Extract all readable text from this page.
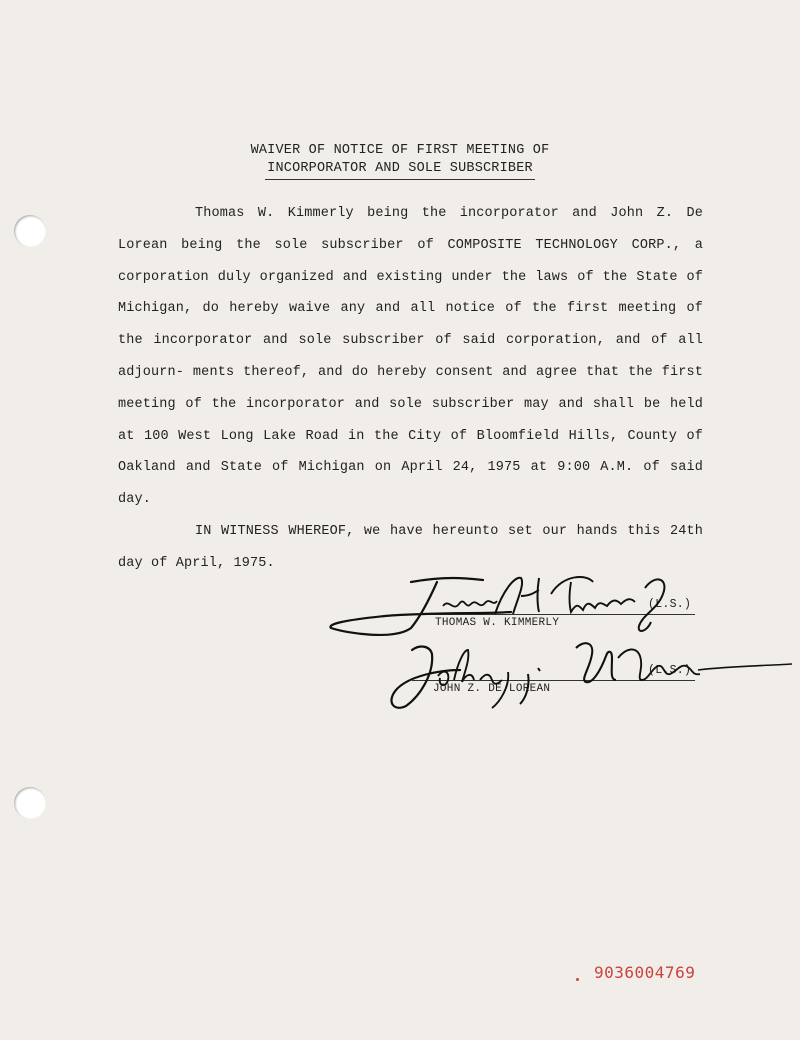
WAIVER OF NOTICE OF FIRST MEETING OF
INCORPORATOR AND SOLE SUBSCRIBER

Thomas W. Kimmerly being the incorporator and John Z. De Lorean being the sole subscriber of COMPOSITE TECHNOLOGY CORP., a corporation duly organized and existing under the laws of the State of Michigan, do hereby waive any and all notice of the first meeting of the incorporator and sole subscriber of said corporation, and of all adjourn- ments thereof, and do hereby consent and agree that the first meeting of the incorporator and sole subscriber may and shall be held at 100 West Long Lake Road in the City of Bloomfield Hills, County of Oakland and State of Michigan on April 24, 1975 at 9:00 A.M. of said day.

IN WITNESS WHEREOF, we have hereunto set our hands this 24th day of April, 1975.

(L.S.)
THOMAS W. KIMMERLY
(L.S.)
JOHN Z. DE LOREAN
9036004769
